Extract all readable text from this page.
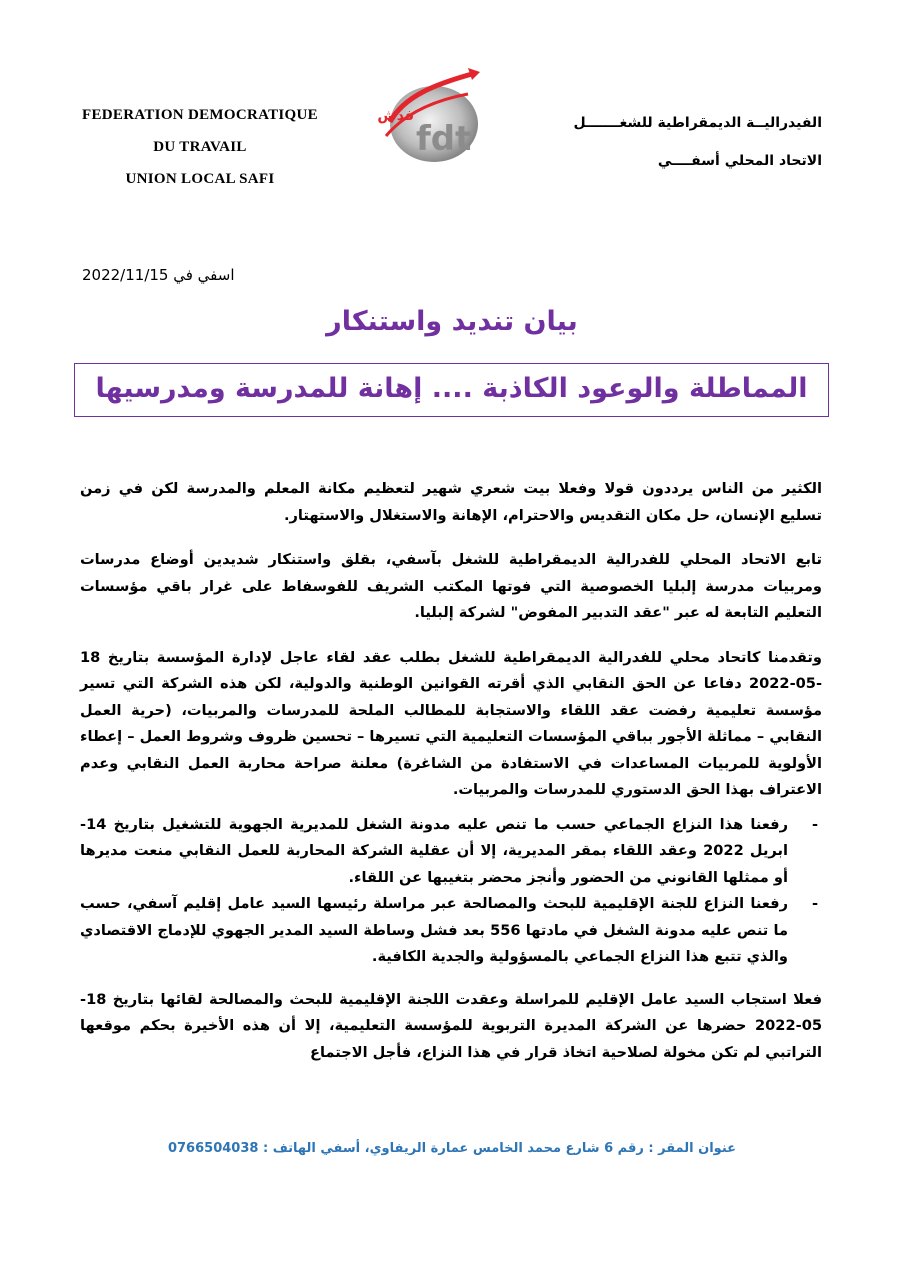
FEDERATION DEMOCRATIQUE
DU TRAVAIL
UNION LOCAL SAFI
fdt
فدش	الفيدراليــة الديمقراطية للشغـــــــل
الاتحاد المحلي أسفــــي
اسفي في 2022/11/15
بيان تنديد واستنكار
المماطلة والوعود الكاذبة .... إهانة للمدرسة ومدرسيها

الكثير من الناس يرددون قولا وفعلا بيت شعري شهير لتعظيم مكانة المعلم والمدرسة لكن في زمن تسليع الإنسان، حل مكان التقديس والاحترام، الإهانة والاستغلال والاستهتار.

تابع الاتحاد المحلي للفدرالية الديمقراطية للشغل بآسفي، بقلق واستنكار شديدين أوضاع مدرسات ومربيات مدرسة إلبليا الخصوصية التي فوتها المكتب الشريف للفوسفاط على غرار باقي مؤسسات التعليم التابعة له عبر "عقد التدبير المفوض" لشركة إلبليا.

وتقدمنا كاتحاد محلي للفدرالية الديمقراطية للشغل بطلب عقد لقاء عاجل لإدارة المؤسسة بتاريخ 18 -05-2022 دفاعا عن الحق النقابي الذي أقرته القوانين الوطنية والدولية، لكن هذه الشركة التي تسير مؤسسة تعليمية رفضت عقد اللقاء والاستجابة للمطالب الملحة للمدرسات والمربيات، (حرية العمل النقابي – مماثلة الأجور بباقي المؤسسات التعليمية التي تسيرها – تحسين ظروف وشروط العمل – إعطاء الأولوية للمربيات المساعدات في الاستفادة من الشاغرة) معلنة صراحة محاربة العمل النقابي وعدم الاعتراف بهذا الحق الدستوري للمدرسات والمربيات.

-
رفعنا هذا النزاع الجماعي حسب ما تنص عليه مدونة الشغل للمديرية الجهوية للتشغيل بتاريخ 14-ابريل 2022 وعقد اللقاء بمقر المديرية، إلا أن عقلية الشركة المحاربة للعمل النقابي منعت مديرها أو ممثلها القانوني من الحضور وأنجز محضر بتغيبها عن اللقاء.
-
رفعنا النزاع للجنة الإقليمية للبحث والمصالحة عبر مراسلة رئيسها السيد عامل إقليم آسفي، حسب ما تنص عليه مدونة الشغل في مادتها 556 بعد فشل وساطة السيد المدير الجهوي للإدماج الاقتصادي والذي تتبع هذا النزاع الجماعي بالمسؤولية والجدية الكافية.

فعلا استجاب السيد عامل الإقليم للمراسلة وعقدت اللجنة الإقليمية للبحث والمصالحة لقائها بتاريخ 18-05-2022 حضرها عن الشركة المديرة التربوية للمؤسسة التعليمية، إلا أن هذه الأخيرة بحكم موقعها التراتبي لم تكن مخولة لصلاحية اتخاذ قرار في هذا النزاع، فأجل الاجتماع

عنوان المقر : رقم 6 شارع محمد الخامس عمارة الريفاوي، أسفي الهاتف : 0766504038
